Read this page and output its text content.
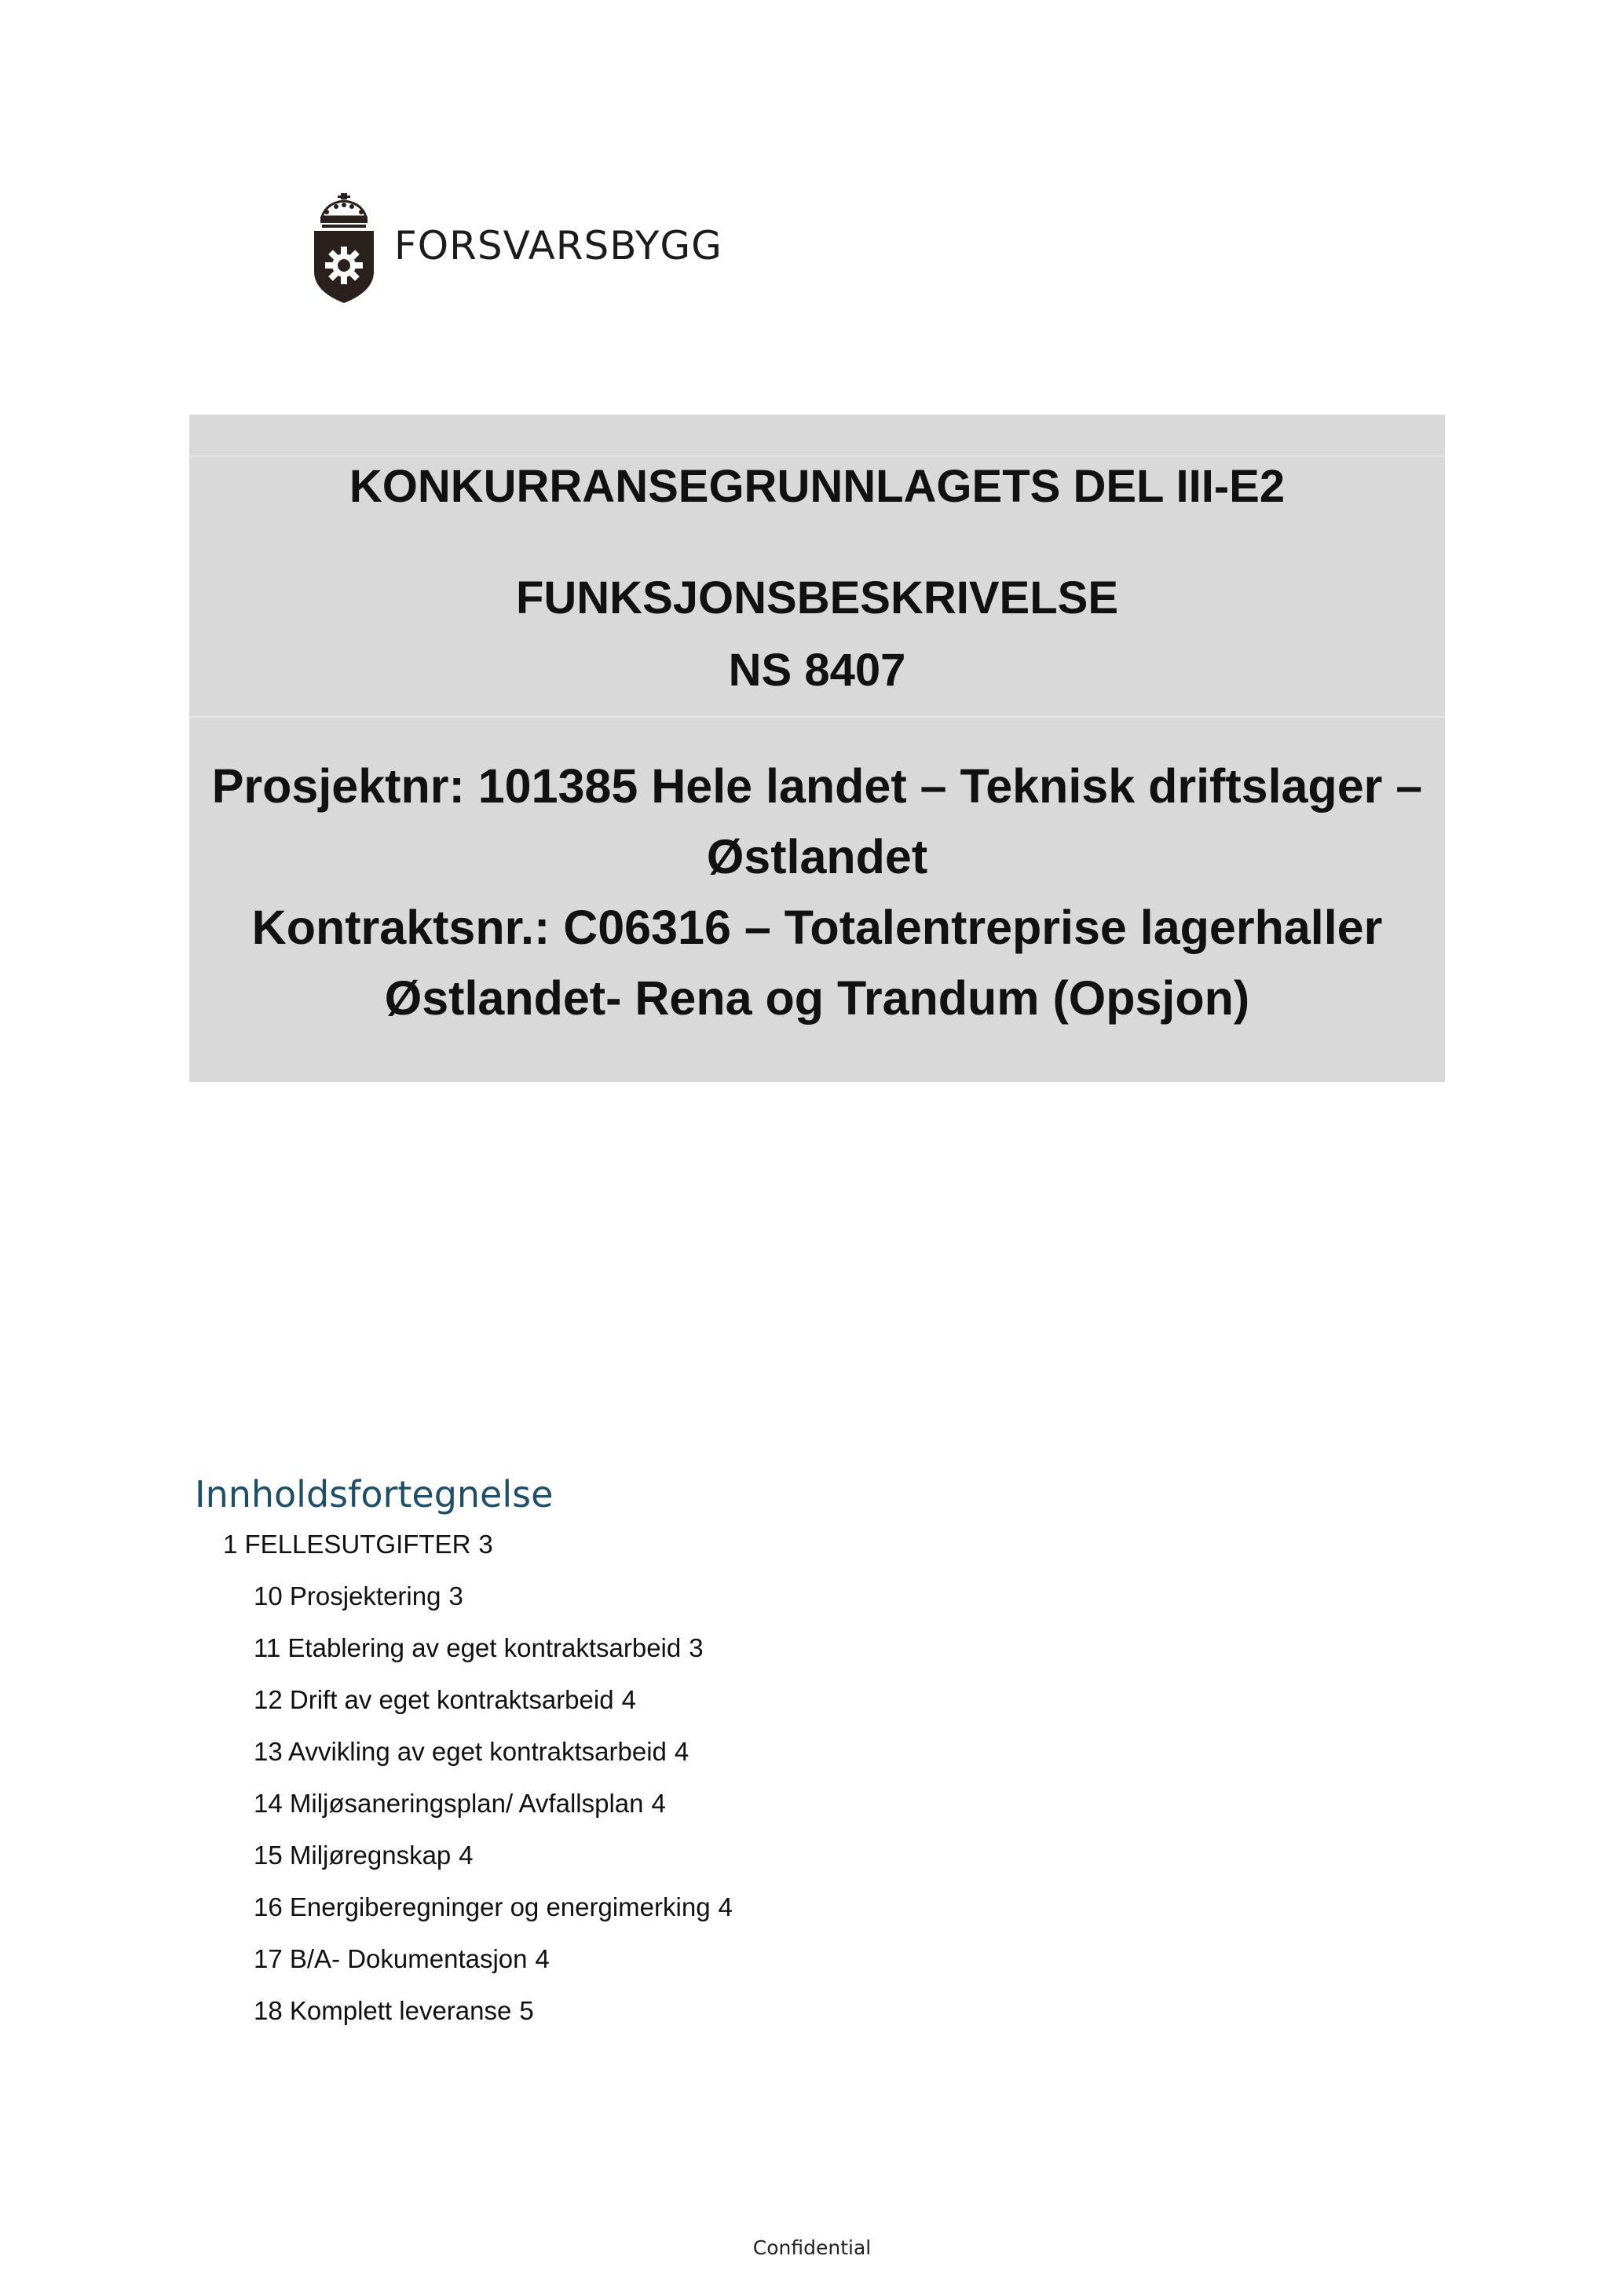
FORSVARSBYGG
KONKURRANSEGRUNNLAGETS DEL III-E2
FUNKSJONSBESKRIVELSE
NS 8407
Prosjektnr: 101385 Hele landet – Teknisk driftslager –
Østlandet
Kontraktsnr.: C06316 – Totalentreprise lagerhaller
Østlandet- Rena og Trandum (Opsjon)
Innholdsfortegnelse
1 FELLESUTGIFTER 3
10 Prosjektering 3
11 Etablering av eget kontraktsarbeid 3
12 Drift av eget kontraktsarbeid 4
13 Avvikling av eget kontraktsarbeid 4
14 Miljøsaneringsplan/ Avfallsplan 4
15 Miljøregnskap 4
16 Energiberegninger og energimerking 4
17 B/A- Dokumentasjon 4
18 Komplett leveranse 5
Confidential
